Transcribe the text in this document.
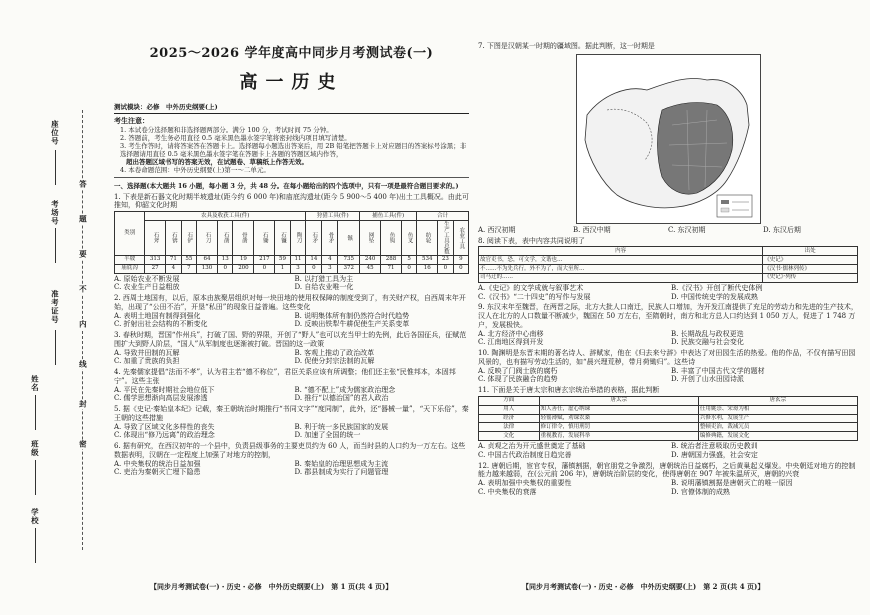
座位号
考场号
准考证号
姓名
班级
学校
答
题
要
不
内
线
封
密
2025～2026 学年度高中同步月考测试卷(一)
高一历史
测试模块：必修　中外历史纲要(上)
考生注意：
1. 本试卷分选择题和非选择题两部分。满分 100 分，考试时间 75 分钟。
2. 答题前，考生务必用直径 0.5 毫米黑色墨水签字笔将密封线内项目填写清楚。
3. 考生作答时，请将答案答在答题卡上。选择题每小题选出答案后，用 2B 铅笔把答题卡上对应题目的答案标号涂黑；非选择题请用直径 0.5 毫米黑色墨水签字笔在答题卡上各题的答题区域内作答，
超出答题区域书写的答案无效，在试题卷、草稿纸上作答无效。
4. 本卷命题范围：中外历史纲要(上)第一～二单元。
一、选择题(本大题共 16 小题，每小题 3 分，共 48 分。在每小题给出的四个选项中，只有一项是最符合题目要求的。)
1. 下表是新石器文化时期半坡遗址(距今约 6 000 年)和庙底沟遗址(距今 5 900～5 400 年)出土工具概况。由此可推知，仰韶文化时期
类别	农具及收获工具(件)									狩猎工具(件)			捕鱼工具(件)			合计		
	石斧	石锛	石铲	石刀	石凿	骨凿	石锄	石镰	陶刀	石矛	骨矛	镞	网坠	鱼钩	鱼叉	纺轮	生产工具总数	农业工具
半坡	313	71	55	64	13	19	217	59	11	14	4	735	240	288	5	534	23	9
庙底沟	27	4	7	130	0	200	0	1	3	0	3	372	45	71	0	16	0	0
A. 原始农业不断发展	B. 以打猎工具为主
C. 农业生产日益粗放	D. 自给农业唯一化
2. 西周土地国有，以后，原本由族聚居组织对每一块田地的使用权保障的制度受到了，有关财产权，自西周末年开始，出现了“公田不治”，开垦“私田”的现象日益普遍。这些变化
A. 表明土地国有制得到强化	B. 说明集体所有制仍然符合时代趋势
C. 折射出社会结构的不断变化	D. 反映出铁犁牛耕促使生产关系变革
3. 春秋时期，晋国“作州兵”，打破了国、野的界限，开创了“野人”也可以充当甲士的先例，此后各国征兵，征赋范围扩大到野人阶层，“国人”从军制度也逐渐被打破。晋国的这一政策
A. 导致井田制的瓦解	B. 客观上推动了政治改革
C. 加重了贵族的负担	D. 促使分封宗法制的瓦解
4. 先秦儒家提倡“法而不孝”，认为君主若“德不称位”，君臣关系应该有所调整；他们还主张“民惟邦本，本固邦宁”。这些主张
A. 平民在先秦时期社会地位低下	B. “德不配上”成为儒家政治理念
C. 儒学思想渐向高层发展渗透	D. 推行“以德治国”的君人政治
5. 据《史记·秦始皇本纪》记载，秦王朝统治时期推行“书同文字”“度同制”，此外，还“器械一量”，“天下乐俗”，秦王朝的这些措施
A. 导致了区域文化多样性的丧失	B. 利于统一多民族国家的发展
C. 体现出“修乃远离”的政治理念	D. 加速了全国的统一
6. 据有研究，在西汉初年的一个县中，负责县级事务的主要吏员约为 60 人，而当时县的人口约为一万左右。这些数据表明，汉朝在一定程度上加强了对地方的控制，
A. 中央集权的统治日益加强	B. 秦始皇的治理思想成为主流
C. 吏治为秦朝灭亡埋下隐患	D. 郡县制成为实行了问题管理
7. 下图是汉朝某一时期的疆域图。据此判断，这一时期是
A. 西汉初期	B. 西汉中期	C. 东汉初期	D. 东汉后期
8. 阅读下表，表中内容共同说明了
内容	出处
故官吏书，恐，可文学，文谐也…	《史记》
不……不为先兵行。外不为了，而大至所…	《汉书·儒林列传》
司马迁的……	《史记》·列传
A.《史记》的文学成就与叙事艺术	B.《汉书》开创了断代史体例
C.《汉书》“二十四史”的写作与发展	D. 中国传统史学的发展成熟
9. 东汉末年至魏晋，在两晋之际，北方大批人口南迁，民族人口增加，为开发江南提供了充足的劳动力和先进的生产技术，汉人在北方的人口数量不断减少，魏国在 50 万左右，至隋朝时，南方和北方总人口约达到 1 050 万人，促进了 1 748 万户，发展极快。
A. 北方经济中心南移	B. 长期战乱与政权更迭
C. 江南地区得到开发	D. 民族交融与社会变化
10. 陶渊明是东晋末期的著名诗人、辞赋家，他在《归去来兮辞》中表达了对田园生活的热爱。他的作品，不仅有描写田园风景的，也有描写劳动生活的，如“晨兴理荒秽，带月荷锄归”。这些诗
A. 反映了门阀士族的腐朽	B. 丰富了中国古代文学的题材
C. 体现了民族融合的趋势	D. 开创了山水田园诗派
11. 下面是关于唐太宗和唐玄宗统治举措的表格，据此判断
方面	唐太宗	唐玄宗
用人	知人善任，虚心纳谏	任用姚崇、宋璟为相
经济	轻徭薄赋，劝课农桑	兴修水利，发展生产
法律	修订律令，慎用刑罚	整顿吏治，裁减冗员
文化	重视教育，发展科举	编修典籍，发展文化
A. 贞观之治为开元盛世奠定了基础	B. 统治者注意吸取历史教训
C. 中国古代政治制度日趋完善	D. 唐朝国力强盛，社会安定
12. 唐朝后期，宦官专权，藩镇割据，朝官朋党之争激烈，唐朝统治日益腐朽，之后黄巢起义爆发。中央朝廷对地方的控制能力越来越弱，在(公元前 206 年)，唐朝统治阶层的变化，使得唐朝在 907 年被朱温所灭，唐朝的兴衰
A. 表明加强中央集权的重要性	B. 说明藩镇割据是唐朝灭亡的唯一原因
C. 中央集权的衰落	D. 官僚体制的成熟
【同步月考测试卷(一)・历史・必修　中外历史纲要(上)　第 1 页(共 4 页)】	【同步月考测试卷(一)・历史・必修　中外历史纲要(上)　第 2 页(共 4 页)】
